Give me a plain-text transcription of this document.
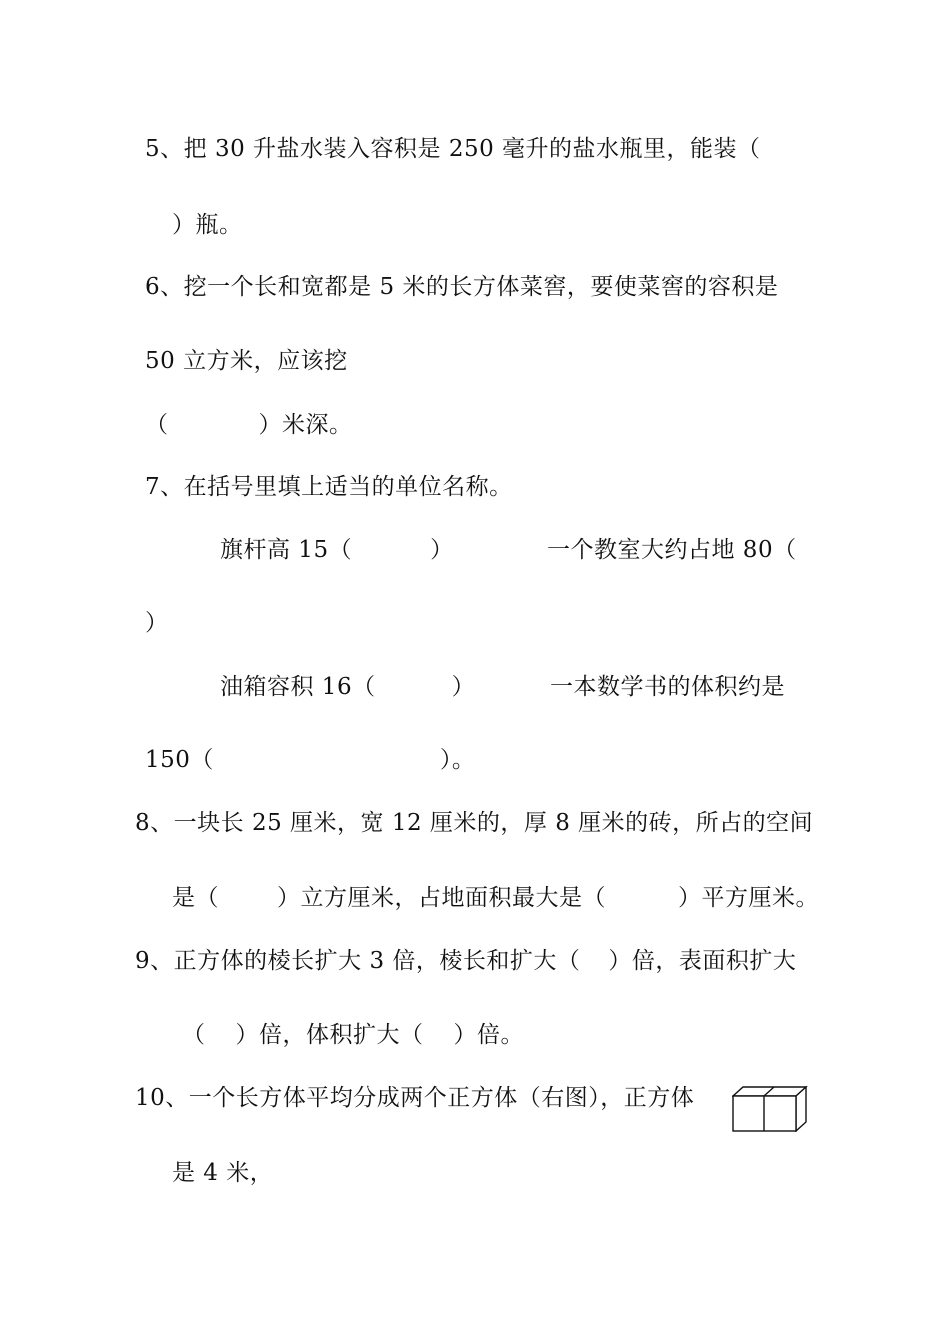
5、把 30 升盐水装入容积是 250 毫升的盐水瓶里，能装（
）瓶。
6、挖一个长和宽都是 5 米的长方体菜窖，要使菜窖的容积是
50 立方米，应该挖
（	）米深。
7、在括号里填上适当的单位名称。
旗杆高 15（	）	一个教室大约占地 80（
）
油箱容积 16（	）	一本数学书的体积约是
150（	）。
8、一块长 25 厘米，宽 12 厘米的，厚 8 厘米的砖，所占的空间
是（	）立方厘米，占地面积最大是（	）平方厘米。
9、正方体的棱长扩大 3 倍，棱长和扩大（ ）倍，表面积扩大
（ ）倍，体积扩大（ ）倍。
10、一个长方体平均分成两个正方体（右图），正方体
是 4 米，
